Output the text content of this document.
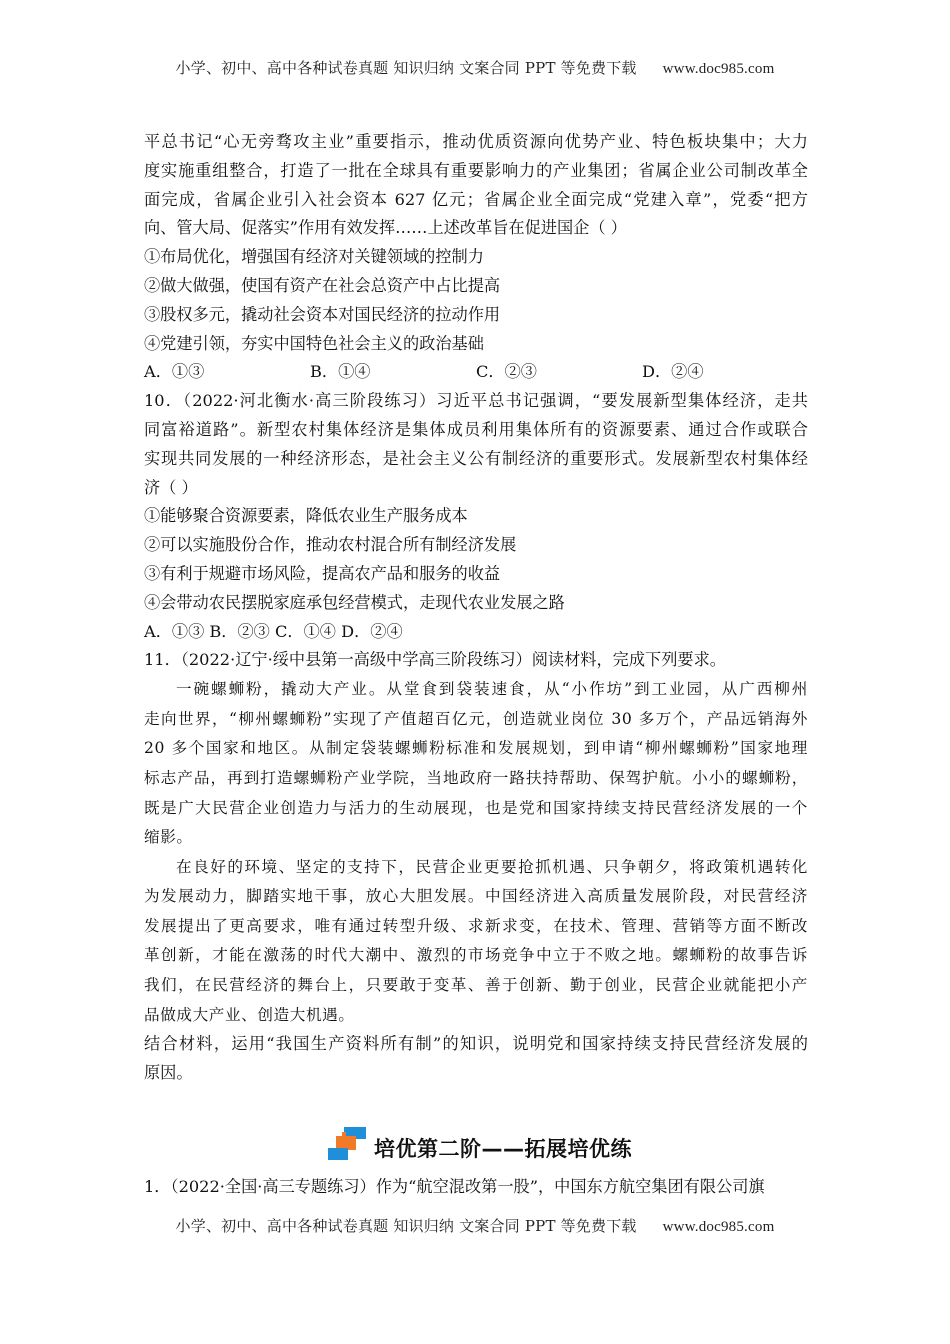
小学、初中、高中各种试卷真题 知识归纳 文案合同 PPT 等免费下载 www.doc985.com
平总书记“心无旁骛攻主业”重要指示，推动优质资源向优势产业、特色板块集中；大力
度实施重组整合，打造了一批在全球具有重要影响力的产业集团；省属企业公司制改革全
面完成，省属企业引入社会资本 627 亿元；省属企业全面完成“党建入章”，党委“把方
向、管大局、促落实”作用有效发挥……上述改革旨在促进国企（ ）
①布局优化，增强国有经济对关键领域的控制力
②做大做强，使国有资产在社会总资产中占比提高
③股权多元，撬动社会资本对国民经济的拉动作用
④党建引领，夯实中国特色社会主义的政治基础
A．①③	B．①④	C．②③	D．②④
10．（2022·河北衡水·高三阶段练习）习近平总书记强调，“要发展新型集体经济，走共
同富裕道路”。新型农村集体经济是集体成员利用集体所有的资源要素、通过合作或联合
实现共同发展的一种经济形态，是社会主义公有制经济的重要形式。发展新型农村集体经
济（ ）
①能够聚合资源要素，降低农业生产服务成本
②可以实施股份合作，推动农村混合所有制经济发展
③有利于规避市场风险，提高农产品和服务的收益
④会带动农民摆脱家庭承包经营模式，走现代农业发展之路
A．①③ B．②③ C．①④ D．②④
11．（2022·辽宁·绥中县第一高级中学高三阶段练习）阅读材料，完成下列要求。
一碗螺蛳粉，撬动大产业。从堂食到袋装速食，从“小作坊”到工业园，从广西柳州
走向世界，“柳州螺蛳粉”实现了产值超百亿元，创造就业岗位 30 多万个，产品远销海外
20 多个国家和地区。从制定袋装螺蛳粉标准和发展规划，到申请“柳州螺蛳粉”国家地理
标志产品，再到打造螺蛳粉产业学院，当地政府一路扶持帮助、保驾护航。小小的螺蛳粉，
既是广大民营企业创造力与活力的生动展现，也是党和国家持续支持民营经济发展的一个
缩影。
在良好的环境、坚定的支持下，民营企业更要抢抓机遇、只争朝夕，将政策机遇转化
为发展动力，脚踏实地干事，放心大胆发展。中国经济进入高质量发展阶段，对民营经济
发展提出了更高要求，唯有通过转型升级、求新求变，在技术、管理、营销等方面不断改
革创新，才能在激荡的时代大潮中、激烈的市场竞争中立于不败之地。螺蛳粉的故事告诉
我们，在民营经济的舞台上，只要敢于变革、善于创新、勤于创业，民营企业就能把小产
品做成大产业、创造大机遇。
结合材料，运用“我国生产资料所有制”的知识，说明党和国家持续支持民营经济发展的
原因。
培优第二阶——拓展培优练
1．（2022·全国·高三专题练习）作为“航空混改第一股”，中国东方航空集团有限公司旗
小学、初中、高中各种试卷真题 知识归纳 文案合同 PPT 等免费下载 www.doc985.com
